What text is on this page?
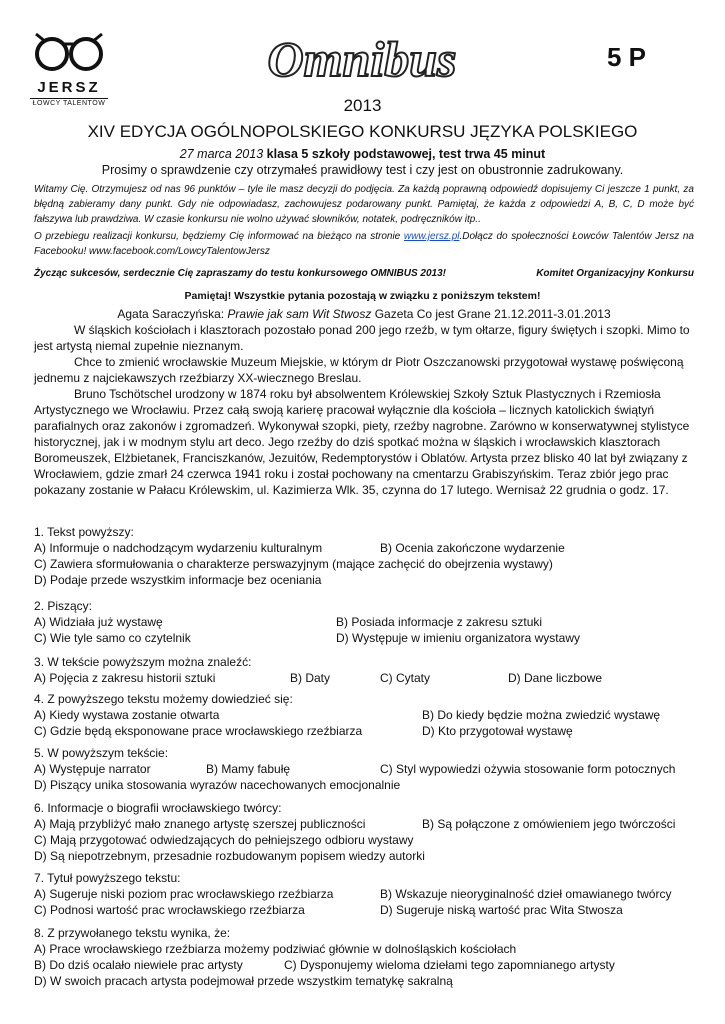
JERSZ
ŁOWCY TALENTÓW
Omnibus	5 P
2013
XIV EDYCJA OGÓLNOPOLSKIEGO KONKURSU JĘZYKA POLSKIEGO
27 marca 2013 klasa 5 szkoły podstawowej, test trwa 45 minut
Prosimy o sprawdzenie czy otrzymałeś prawidłowy test i czy jest on obustronnie zadrukowany.
Witamy Cię. Otrzymujesz od nas 96 punktów – tyle ile masz decyzji do podjęcia. Za każdą poprawną odpowiedź dopisujemy Ci jeszcze 1 punkt, za błędną zabieramy dany punkt. Gdy nie odpowiadasz, zachowujesz podarowany punkt. Pamiętaj, że każda z odpowiedzi A, B, C, D może być fałszywa lub prawdziwa. W czasie konkursu nie wolno używać słowników, notatek, podręczników itp..
O przebiegu realizacji konkursu, będziemy Cię informować na bieżąco na stronie www.jersz.pl.Dołącz do społeczności Łowców Talentów Jersz na Facebooku! www.facebook.com/LowcyTalentowJersz
Życząc sukcesów, serdecznie Cię zapraszamy do testu konkursowego OMNIBUS 2013!	Komitet Organizacyjny Konkursu
Pamiętaj! Wszystkie pytania pozostają w związku z poniższym tekstem!

Agata Saraczyńska: Prawie jak sam Wit Stwosz Gazeta Co jest Grane 21.12.2011-3.01.2013

W śląskich kościołach i klasztorach pozostało ponad 200 jego rzeźb, w tym ołtarze, figury świętych i szopki. Mimo to jest artystą niemal zupełnie nieznanym.

Chce to zmienić wrocławskie Muzeum Miejskie, w którym dr Piotr Oszczanowski przygotował wystawę poświęconą jednemu z najciekawszych rzeźbiarzy XX-wiecznego Breslau.

Bruno Tschötschel urodzony w 1874 roku był absolwentem Królewskiej Szkoły Sztuk Plastycznych i Rzemiosła Artystycznego we Wrocławiu. Przez całą swoją karierę pracował wyłącznie dla kościoła – licznych katolickich świątyń parafialnych oraz zakonów i zgromadzeń. Wykonywał szopki, piety, rzeźby nagrobne. Zarówno w konserwatywnej stylistyce historycznej, jak i w modnym stylu art deco. Jego rzeźby do dziś spotkać można w śląskich i wrocławskich klasztorach Boromeuszek, Elżbietanek, Franciszkanów, Jezuitów, Redemptorystów i Oblatów. Artysta przez blisko 40 lat był związany z Wrocławiem, gdzie zmarł 24 czerwca 1941 roku i został pochowany na cmentarzu Grabiszyńskim. Teraz zbiór jego prac pokazany zostanie w Pałacu Królewskim, ul. Kazimierza Wlk. 35, czynna do 17 lutego. Wernisaż 22 grudnia o godz. 17.

1. Tekst powyższy:
A) Informuje o nadchodzącym wydarzeniu kulturalnym	B) Ocenia zakończone wydarzenie
C) Zawiera sformułowania o charakterze perswazyjnym (mające zachęcić do obejrzenia wystawy)
D) Podaje przede wszystkim informacje bez oceniania
2. Piszący:
A) Widziała już wystawę	B) Posiada informacje z zakresu sztuki
C) Wie tyle samo co czytelnik	D) Występuje w imieniu organizatora wystawy
3. W tekście powyższym można znaleźć:
A) Pojęcia z zakresu historii sztuki	B) Daty	C) Cytaty	D) Dane liczbowe
4. Z powyższego tekstu możemy dowiedzieć się:
A) Kiedy wystawa zostanie otwarta	B) Do kiedy będzie można zwiedzić wystawę
C) Gdzie będą eksponowane prace wrocławskiego rzeźbiarza	D) Kto przygotował wystawę
5. W powyższym tekście:
A) Występuje narrator	B) Mamy fabułę	C) Styl wypowiedzi ożywia stosowanie form potocznych
D) Piszący unika stosowania wyrazów nacechowanych emocjonalnie
6. Informacje o biografii wrocławskiego twórcy:
A) Mają przybliżyć mało znanego artystę szerszej publiczności	B) Są połączone z omówieniem jego twórczości
C) Mają przygotować odwiedzających do pełniejszego odbioru wystawy
D) Są niepotrzebnym, przesadnie rozbudowanym popisem wiedzy autorki
7. Tytuł powyższego tekstu:
A) Sugeruje niski poziom prac wrocławskiego rzeźbiarza	B) Wskazuje nieoryginalność dzieł omawianego twórcy
C) Podnosi wartość prac wrocławskiego rzeźbiarza	D) Sugeruje niską wartość prac Wita Stwosza
8. Z przywołanego tekstu wynika, że:
A) Prace wrocławskiego rzeźbiarza możemy podziwiać głównie w dolnośląskich kościołach
B) Do dziś ocalało niewiele prac artysty	C) Dysponujemy wieloma dziełami tego zapomnianego artysty
D) W swoich pracach artysta podejmował przede wszystkim tematykę sakralną
